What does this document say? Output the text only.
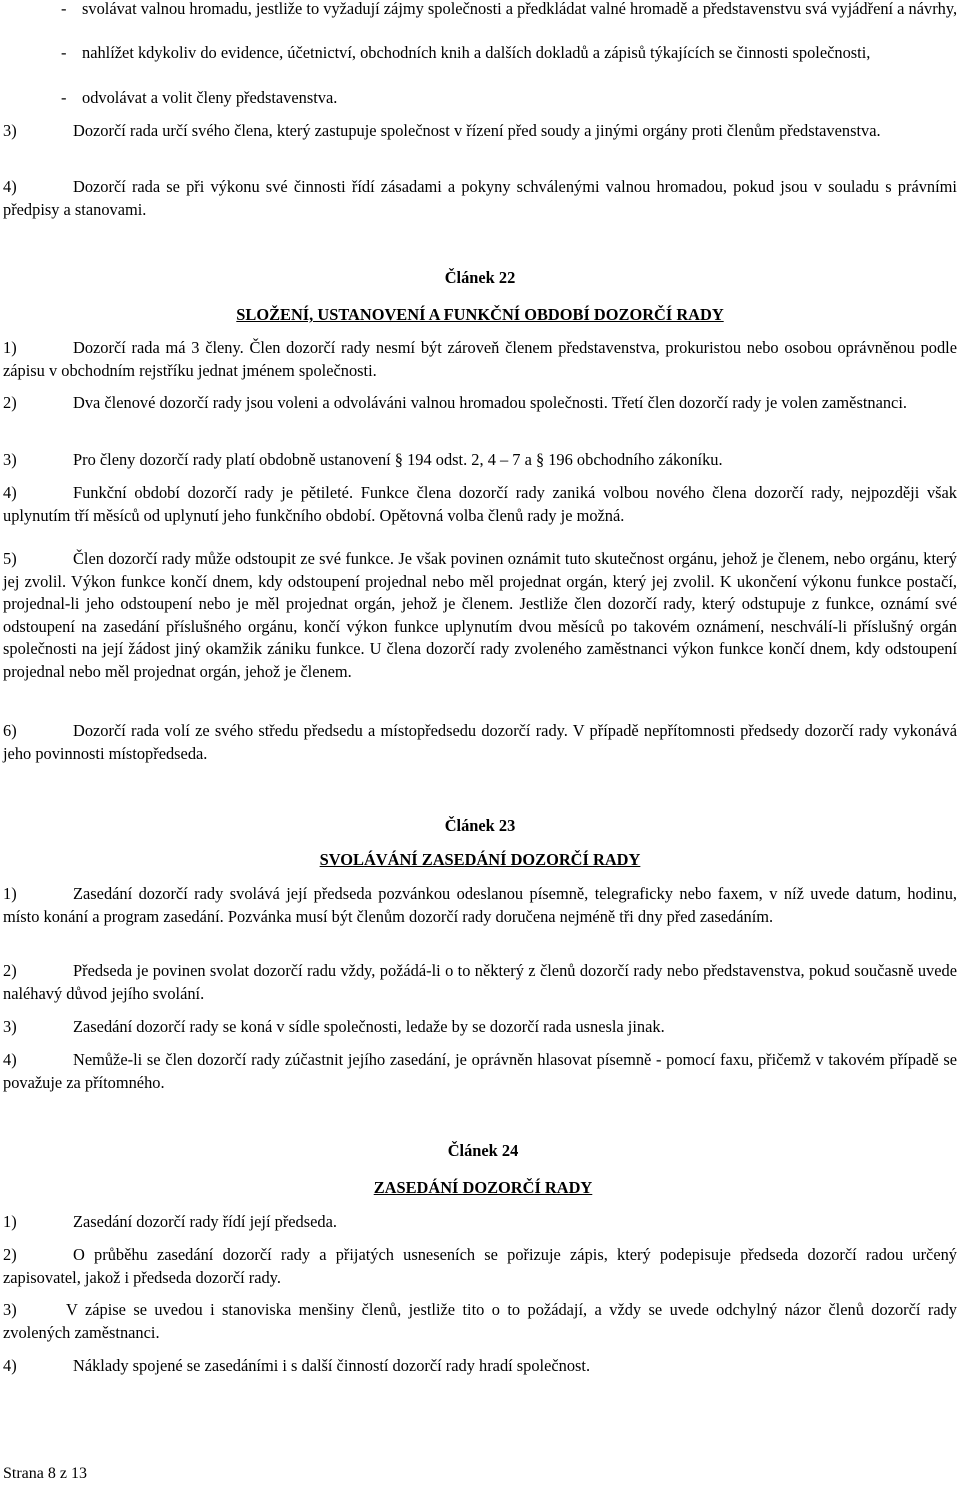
- svolávat valnou hromadu, jestliže to vyžadují zájmy společnosti a předkládat valné hromadě a představenstvu svá vyjádření a návrhy,
- nahlížet kdykoliv do evidence, účetnictví, obchodních knih a dalších dokladů a zápisů týkajících se činnosti společnosti,
- odvolávat a volit členy představenstva.

3)	Dozorčí rada určí svého člena, který zastupuje společnost v řízení před soudy a jinými orgány proti členům představenstva.

4)	Dozorčí rada se při výkonu své činnosti řídí zásadami a pokyny schválenými valnou hromadou, pokud jsou v souladu s právními předpisy a stanovami.

Článek 22
SLOŽENÍ, USTANOVENÍ A FUNKČNÍ OBDOBÍ DOZORČÍ RADY

1)	Dozorčí rada má 3 členy. Člen dozorčí rady nesmí být zároveň členem představenstva, prokuristou nebo osobou oprávněnou podle zápisu v obchodním rejstříku jednat jménem společnosti.

2)	Dva členové dozorčí rady jsou voleni a odvoláváni valnou hromadou společnosti. Třetí člen dozorčí rady je volen zaměstnanci.

3)	Pro členy dozorčí rady platí obdobně ustanovení § 194 odst. 2, 4 – 7 a § 196 obchodního zákoníku.

4)	Funkční období dozorčí rady je pětileté. Funkce člena dozorčí rady zaniká volbou nového člena dozorčí rady, nejpozději však uplynutím tří měsíců od uplynutí jeho funkčního období. Opětovná volba členů rady je možná.

5)	Člen dozorčí rady může odstoupit ze své funkce. Je však povinen oznámit tuto skutečnost orgánu, jehož je členem, nebo orgánu, který jej zvolil. Výkon funkce končí dnem, kdy odstoupení projednal nebo měl projednat orgán, který jej zvolil. K ukončení výkonu funkce postačí, projednal-li jeho odstoupení nebo je měl projednat orgán, jehož je členem. Jestliže člen dozorčí rady, který odstupuje z funkce, oznámí své odstoupení na zasedání příslušného orgánu, končí výkon funkce uplynutím dvou měsíců po takovém oznámení, neschválí-li příslušný orgán společnosti na její žádost jiný okamžik zániku funkce. U člena dozorčí rady zvoleného zaměstnanci výkon funkce končí dnem, kdy odstoupení projednal nebo měl projednat orgán, jehož je členem.

6)	Dozorčí rada volí ze svého středu předsedu a místopředsedu dozorčí rady. V případě nepřítomnosti předsedy dozorčí rady vykonává jeho povinnosti místopředseda.

Článek 23
SVOLÁVÁNÍ ZASEDÁNÍ DOZORČÍ RADY

1)	Zasedání dozorčí rady svolává její předseda pozvánkou odeslanou písemně, telegraficky nebo faxem, v níž uvede datum, hodinu, místo konání a program zasedání. Pozvánka musí být členům dozorčí rady doručena nejméně tři dny před zasedáním.

2)	Předseda je povinen svolat dozorčí radu vždy, požádá-li o to některý z členů dozorčí rady nebo představenstva, pokud současně uvede naléhavý důvod jejího svolání.

3)	Zasedání dozorčí rady se koná v sídle společnosti, ledaže by se dozorčí rada usnesla jinak.

4)	Nemůže-li se člen dozorčí rady zúčastnit jejího zasedání, je oprávněn hlasovat písemně - pomocí faxu, přičemž v takovém případě se považuje za přítomného.

Článek 24
ZASEDÁNÍ DOZORČÍ RADY

1)	Zasedání dozorčí rady řídí její předseda.

2)	O průběhu zasedání dozorčí rady a přijatých usneseních se pořizuje zápis, který podepisuje předseda dozorčí radou určený zapisovatel, jakož i předseda dozorčí rady.

3)	V zápise se uvedou i stanoviska menšiny členů, jestliže tito o to požádají, a vždy se uvede odchylný názor členů dozorčí rady zvolených zaměstnanci.

4)	Náklady spojené se zasedáními i s další činností dozorčí rady hradí společnost.

Strana 8 z 13
